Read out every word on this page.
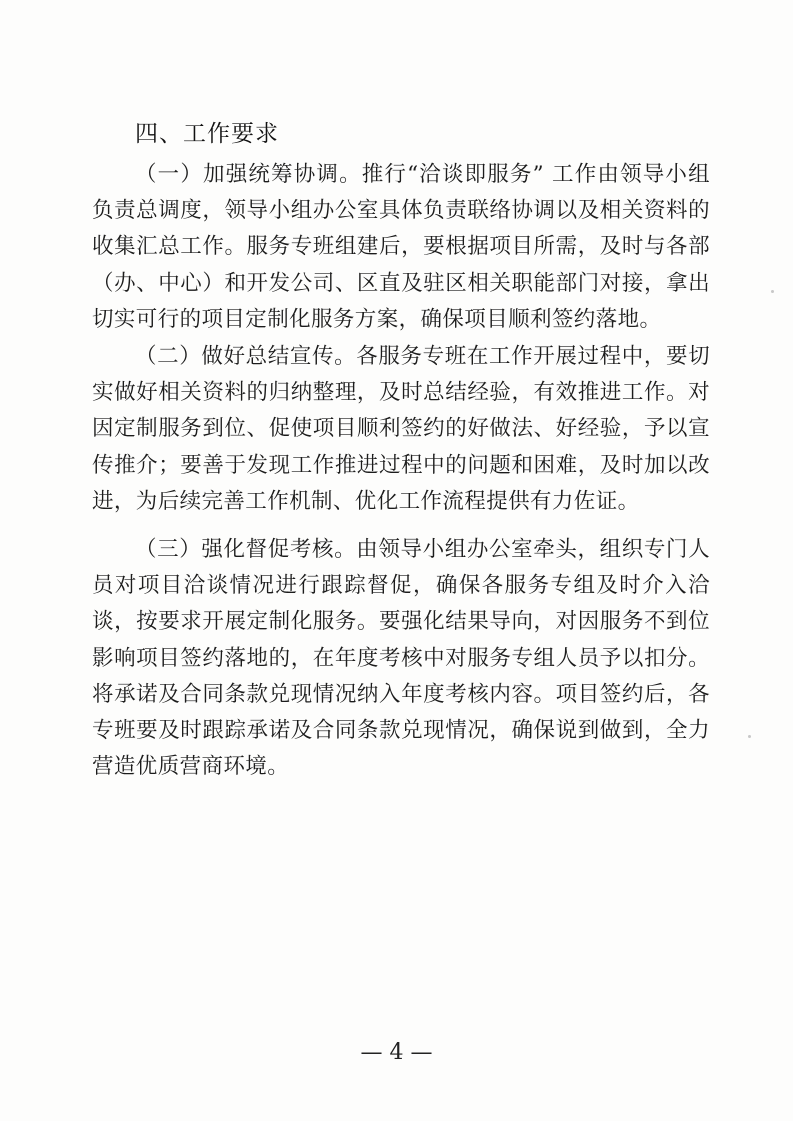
四、工作要求
（一）加强统筹协调。推行“洽谈即服务” 工作由领导小组负责总调度，领导小组办公室具体负责联络协调以及相关资料的收集汇总工作。服务专班组建后，要根据项目所需，及时与各部（办、中心）和开发公司、区直及驻区相关职能部门对接，拿出切实可行的项目定制化服务方案，确保项目顺利签约落地。
（二）做好总结宣传。各服务专班在工作开展过程中，要切实做好相关资料的归纳整理，及时总结经验，有效推进工作。对因定制服务到位、促使项目顺利签约的好做法、好经验，予以宣传推介；要善于发现工作推进过程中的问题和困难，及时加以改进，为后续完善工作机制、优化工作流程提供有力佐证。
（三）强化督促考核。由领导小组办公室牵头，组织专门人员对项目洽谈情况进行跟踪督促，确保各服务专组及时介入洽谈，按要求开展定制化服务。要强化结果导向，对因服务不到位影响项目签约落地的，在年度考核中对服务专组人员予以扣分。将承诺及合同条款兑现情况纳入年度考核内容。项目签约后，各专班要及时跟踪承诺及合同条款兑现情况，确保说到做到，全力营造优质营商环境。
— 4 —
